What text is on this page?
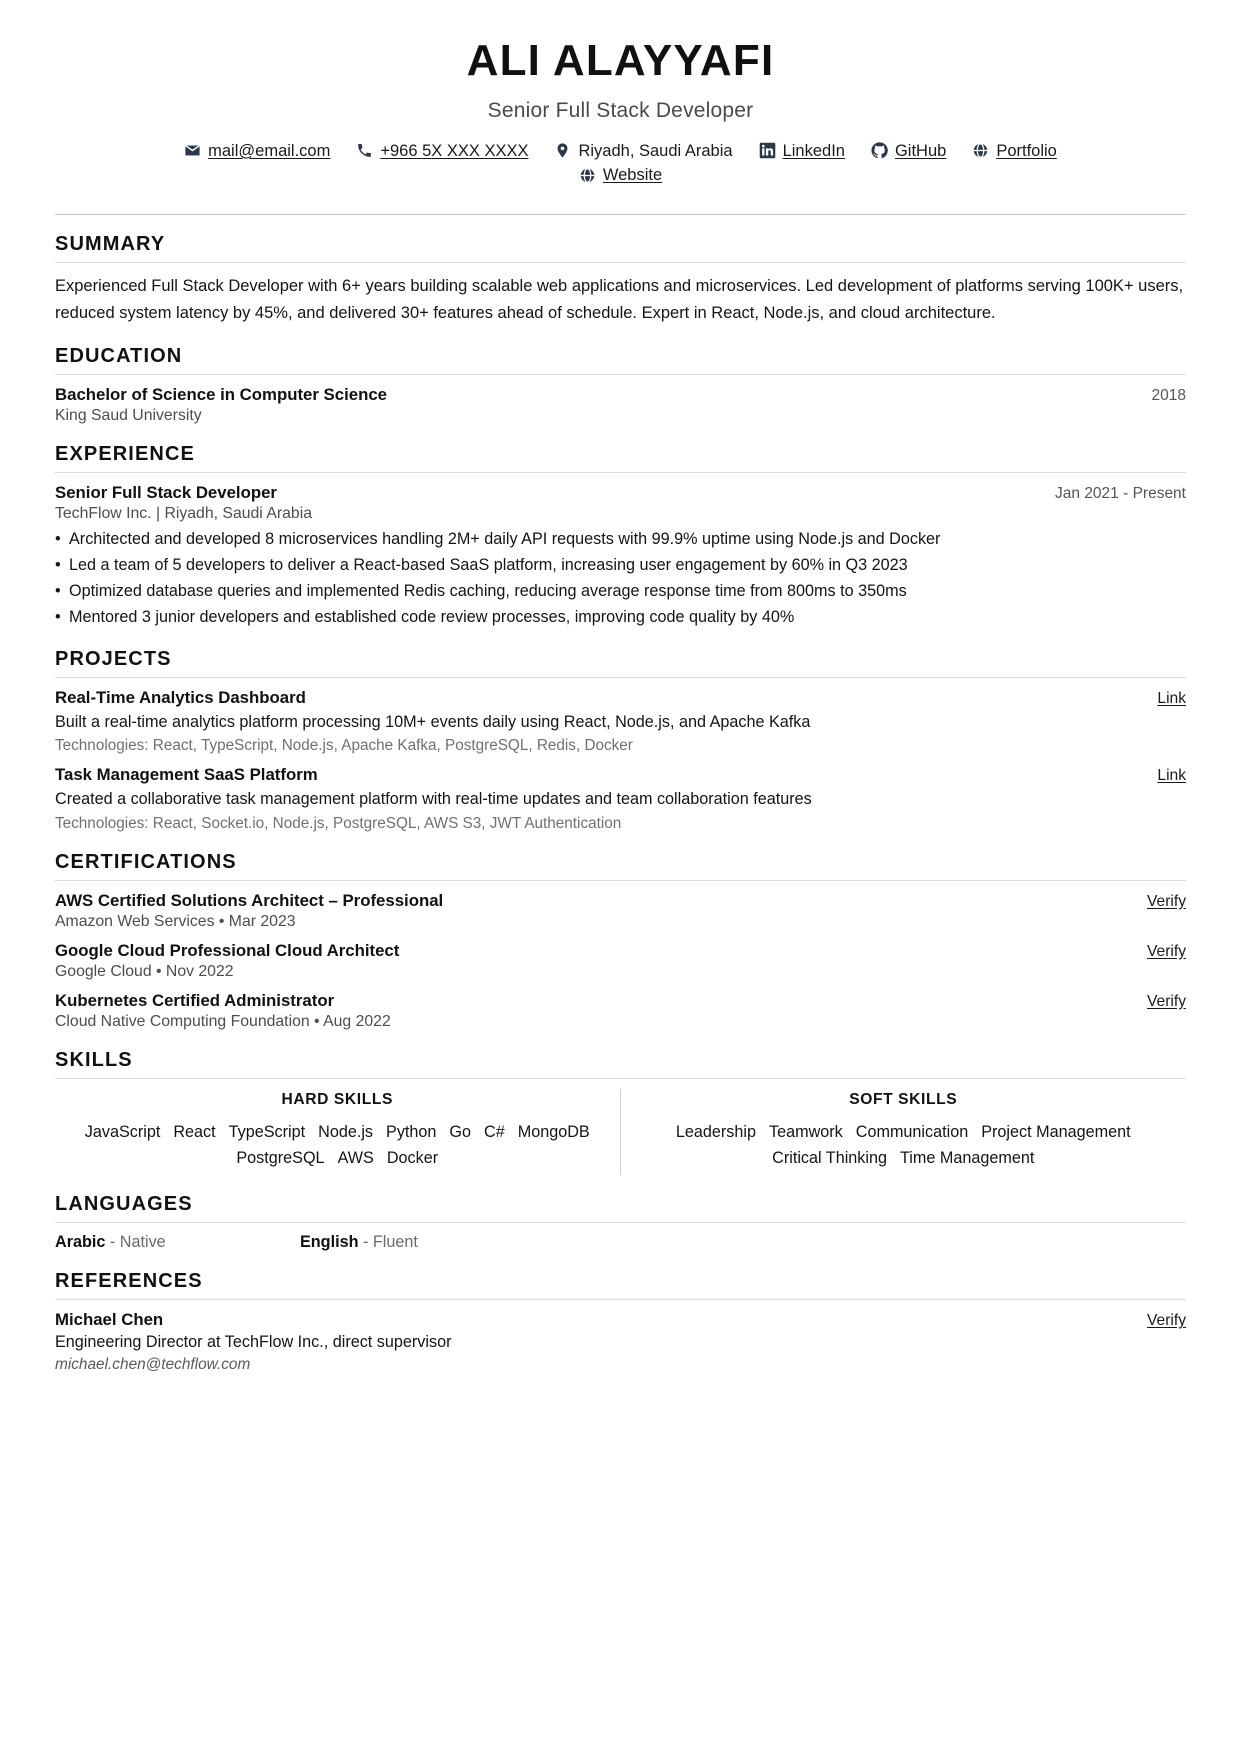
ALI ALAYYAFI
Senior Full Stack Developer
mail@email.com	+966 5X XXX XXXX	Riyadh, Saudi Arabia	LinkedIn	GitHub	Portfolio
Website
SUMMARY
Experienced Full Stack Developer with 6+ years building scalable web applications and microservices. Led development of platforms serving 100K+ users, reduced system latency by 45%, and delivered 30+ features ahead of schedule. Expert in React, Node.js, and cloud architecture.
EDUCATION
Bachelor of Science in Computer Science	2018
King Saud University
EXPERIENCE
Senior Full Stack Developer	Jan 2021 - Present
TechFlow Inc. | Riyadh, Saudi Arabia
• Architected and developed 8 microservices handling 2M+ daily API requests with 99.9% uptime using Node.js and Docker
• Led a team of 5 developers to deliver a React-based SaaS platform, increasing user engagement by 60% in Q3 2023
• Optimized database queries and implemented Redis caching, reducing average response time from 800ms to 350ms
• Mentored 3 junior developers and established code review processes, improving code quality by 40%
PROJECTS
Real-Time Analytics Dashboard	Link
Built a real-time analytics platform processing 10M+ events daily using React, Node.js, and Apache Kafka
Technologies: React, TypeScript, Node.js, Apache Kafka, PostgreSQL, Redis, Docker
Task Management SaaS Platform	Link
Created a collaborative task management platform with real-time updates and team collaboration features
Technologies: React, Socket.io, Node.js, PostgreSQL, AWS S3, JWT Authentication
CERTIFICATIONS
AWS Certified Solutions Architect – Professional	Verify
Amazon Web Services • Mar 2023
Google Cloud Professional Cloud Architect	Verify
Google Cloud • Nov 2022
Kubernetes Certified Administrator	Verify
Cloud Native Computing Foundation • Aug 2022
SKILLS
HARD SKILLS
JavaScript React TypeScript Node.js Python Go C# MongoDB
PostgreSQL AWS Docker
SOFT SKILLS
Leadership Teamwork Communication Project Management
Critical Thinking Time Management
LANGUAGES
Arabic - Native	English - Fluent
REFERENCES
Michael Chen	Verify
Engineering Director at TechFlow Inc., direct supervisor
michael.chen@techflow.com
